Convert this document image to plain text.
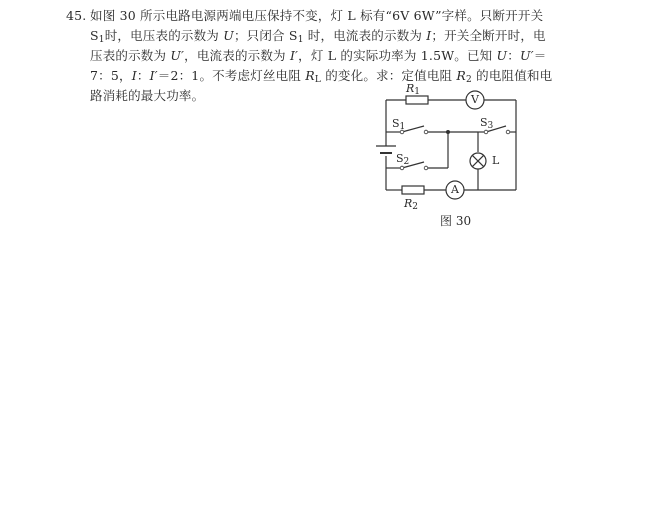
45. 如图 30 所示电路电源两端电压保持不变，灯 L 标有“6V 6W”字样。只断开开关
$S_1$时，电压表的示数为 U；只闭合 $S_1$ 时，电流表的示数为 I；开关全断开时，电
压表的示数为 U′，电流表的示数为 I′，灯 L 的实际功率为 1.5W。已知 U：U′＝
7：5，I：I′＝2：1。不考虑灯丝电阻 $R_L$ 的变化。求：定值电阻 $R_2$ 的电阻值和电
路消耗的最大功率。	$R_1$
V
$S_1$	$S_3$
L
$S_2$
A
$R_2$
图 30
